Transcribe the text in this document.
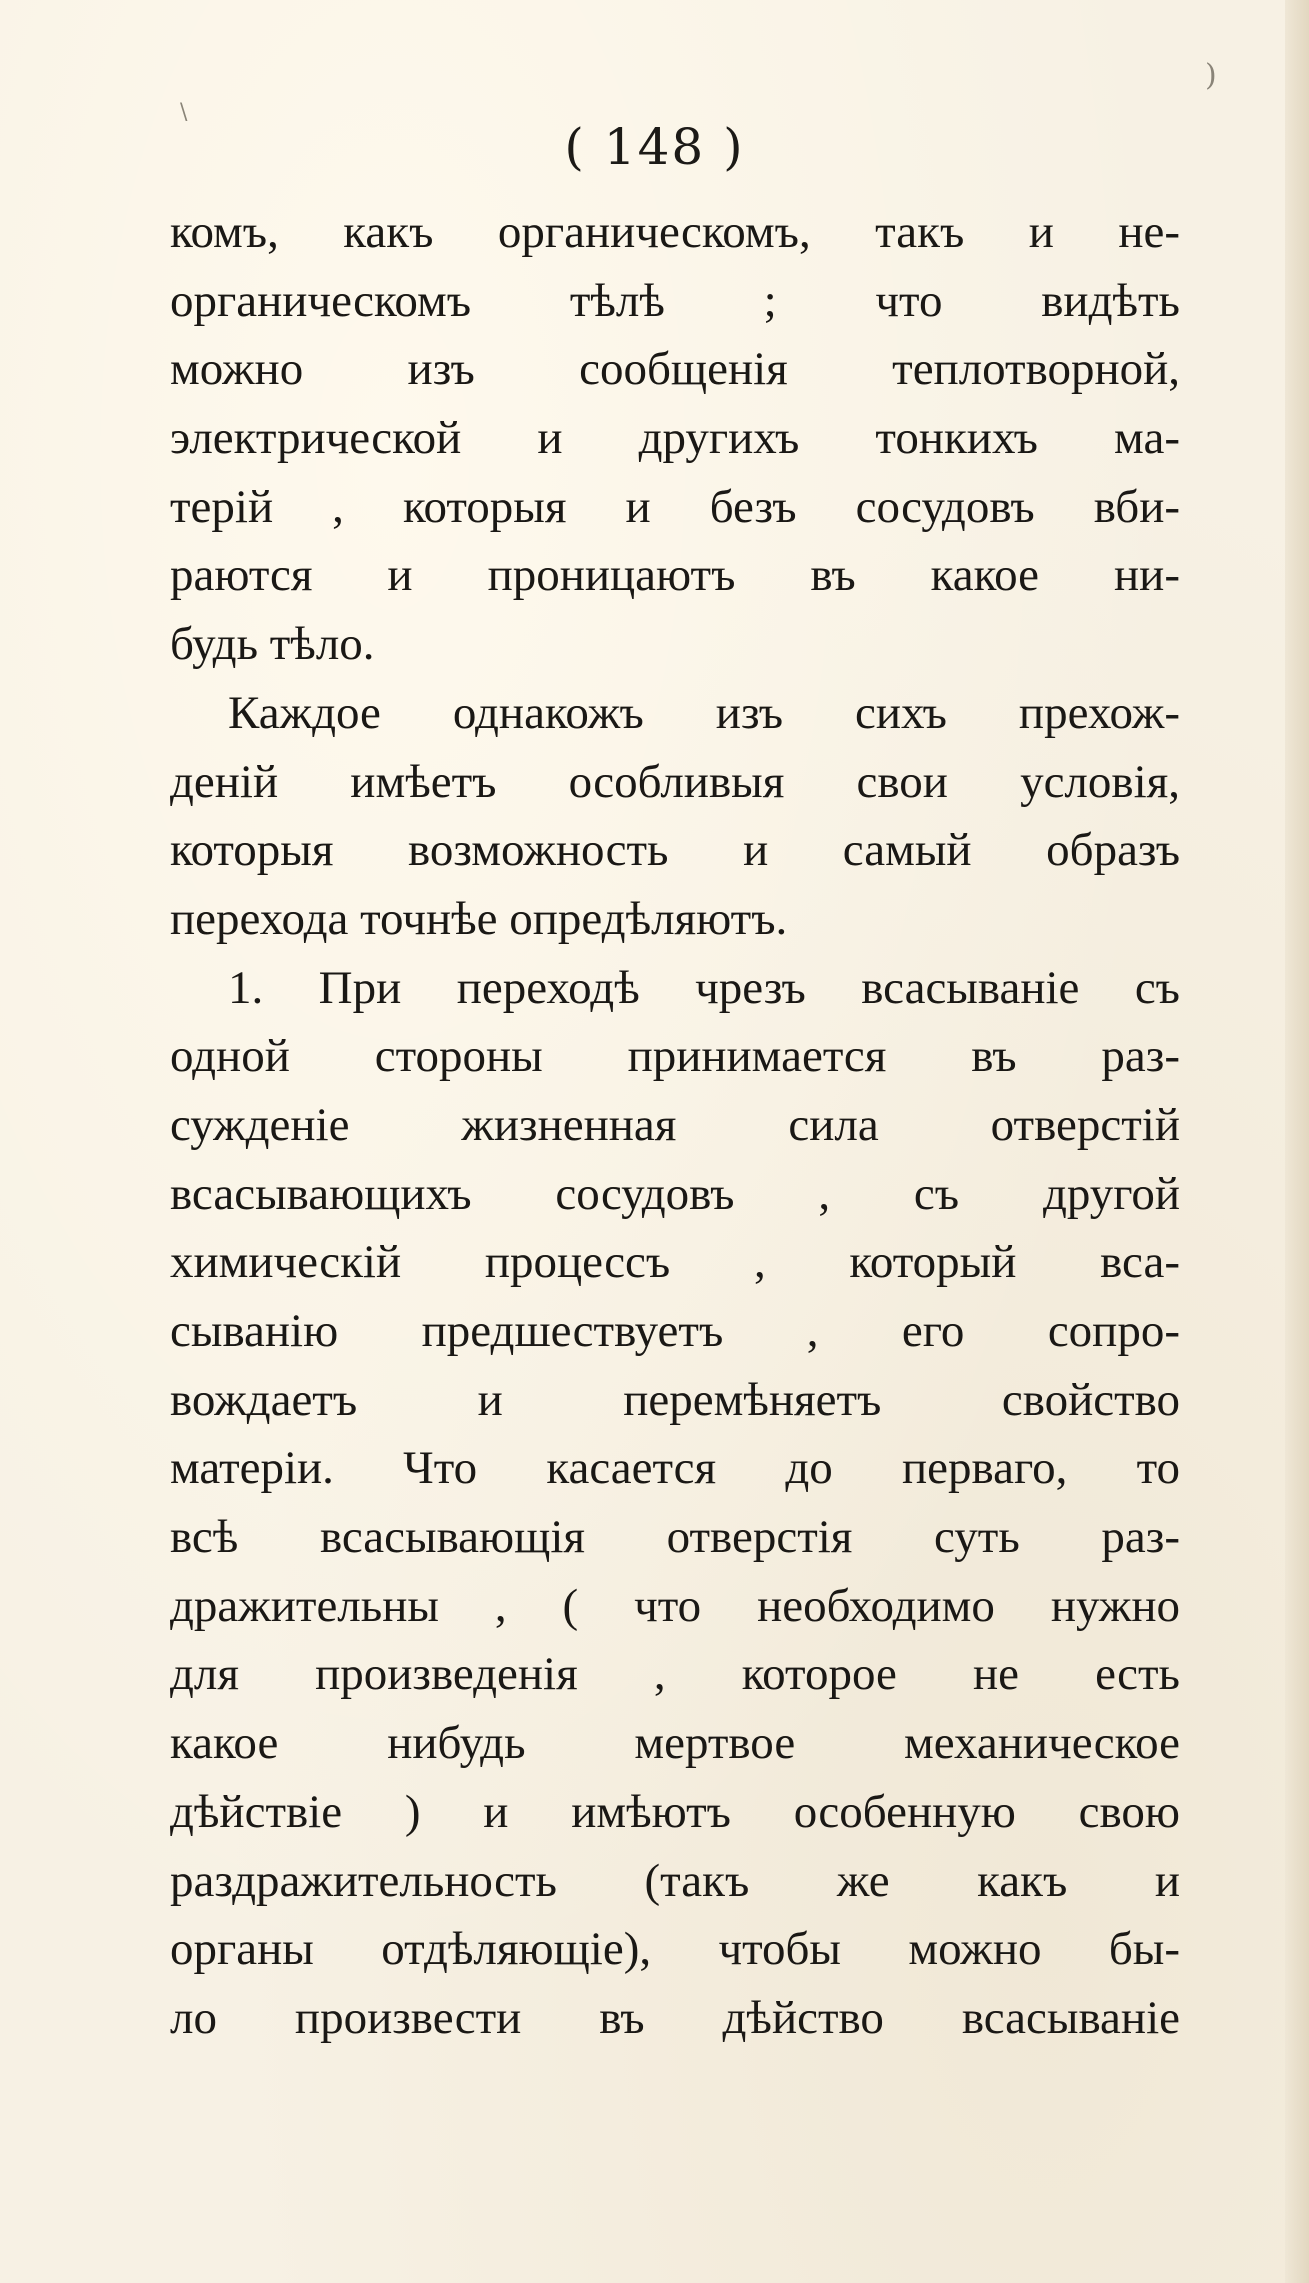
)
\
( 148 )
комъ, какъ органическомъ, такъ и не-
органическомъ тѣлѣ ; что видѣть
можно изъ сообщенія теплотворной,
электрической и другихъ тонкихъ ма-
терій , которыя и безъ сосудовъ вби-
раются и проницаютъ въ какое ни-
будь тѣло.
Каждое однакожъ изъ сихъ прехож-
деній имѣетъ особливыя свои условія,
которыя возможность и самый образъ
перехода точнѣе опредѣляютъ.
1. При переходѣ чрезъ всасываніе съ
одной стороны принимается въ раз-
сужденіе жизненная сила отверстій
всасывающихъ сосудовъ , съ другой
химическій процессъ , который вса-
сыванію предшествуетъ , его сопро-
вождаетъ и перемѣняетъ свойство
матеріи. Что касается до перваго, то
всѣ всасывающія отверстія суть раз-
дражительны , ( что необходимо нужно
для произведенія , которое не есть
какое нибудь мертвое механическое
дѣйствіе ) и имѣютъ особенную свою
раздражительность (такъ же какъ и
органы отдѣляющіе), чтобы можно бы-
ло произвести въ дѣйство всасываніе
